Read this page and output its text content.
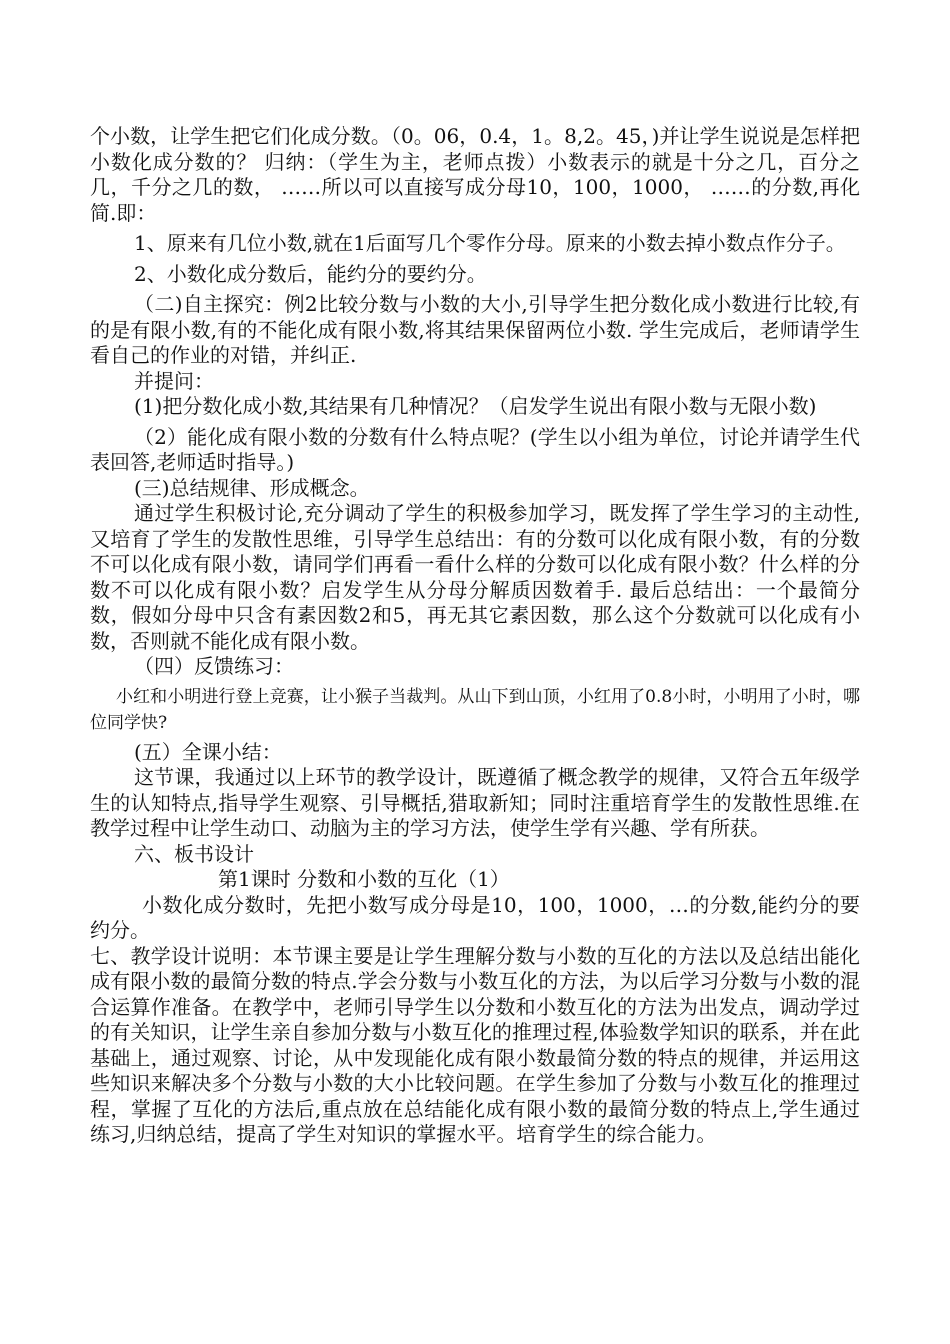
个小数，让学生把它们化成分数。（0。06，0.4，1。8,2。45，)并让学生说说是怎样把小数化成分数的？ 归纳：（学生为主，老师点拨）小数表示的就是十分之几，百分之几，千分之几的数， ……所以可以直接写成分母10，100，1000， ……的分数,再化简.即：

1、原来有几位小数,就在1后面写几个零作分母。原来的小数去掉小数点作分子。

2、小数化成分数后，能约分的要约分。

（二)自主探究：例2比较分数与小数的大小,引导学生把分数化成小数进行比较,有的是有限小数,有的不能化成有限小数,将其结果保留两位小数. 学生完成后，老师请学生看自己的作业的对错，并纠正.

并提问：

(1)把分数化成小数,其结果有几种情况？（启发学生说出有限小数与无限小数)

（2）能化成有限小数的分数有什么特点呢？(学生以小组为单位，讨论并请学生代表回答,老师适时指导。)

(三)总结规律、形成概念。

通过学生积极讨论,充分调动了学生的积极参加学习，既发挥了学生学习的主动性,又培育了学生的发散性思维，引导学生总结出：有的分数可以化成有限小数，有的分数不可以化成有限小数，请同学们再看一看什么样的分数可以化成有限小数？什么样的分数不可以化成有限小数？启发学生从分母分解质因数着手. 最后总结出：一个最简分数，假如分母中只含有素因数2和5，再无其它素因数，那么这个分数就可以化成有小数，否则就不能化成有限小数。

（四）反馈练习：

小红和小明进行登上竞赛，让小猴子当裁判。从山下到山顶，小红用了0.8小时，小明用了小时，哪位同学快?

(五）全课小结：

这节课，我通过以上环节的教学设计，既遵循了概念教学的规律，又符合五年级学生的认知特点,指导学生观察、引导概括,猎取新知；同时注重培育学生的发散性思维.在教学过程中让学生动口、动脑为主的学习方法，使学生学有兴趣、学有所获。

六、板书设计

第1课时 分数和小数的互化（1）

小数化成分数时，先把小数写成分母是10，100，1000，…的分数,能约分的要约分。

七、教学设计说明：本节课主要是让学生理解分数与小数的互化的方法以及总结出能化成有限小数的最简分数的特点.学会分数与小数互化的方法，为以后学习分数与小数的混合运算作准备。在教学中，老师引导学生以分数和小数互化的方法为出发点，调动学过的有关知识，让学生亲自参加分数与小数互化的推理过程,体验数学知识的联系，并在此基础上，通过观察、讨论，从中发现能化成有限小数最简分数的特点的规律，并运用这些知识来解决多个分数与小数的大小比较问题。在学生参加了分数与小数互化的推理过程，掌握了互化的方法后,重点放在总结能化成有限小数的最简分数的特点上,学生通过练习,归纳总结，提高了学生对知识的掌握水平。培育学生的综合能力。
